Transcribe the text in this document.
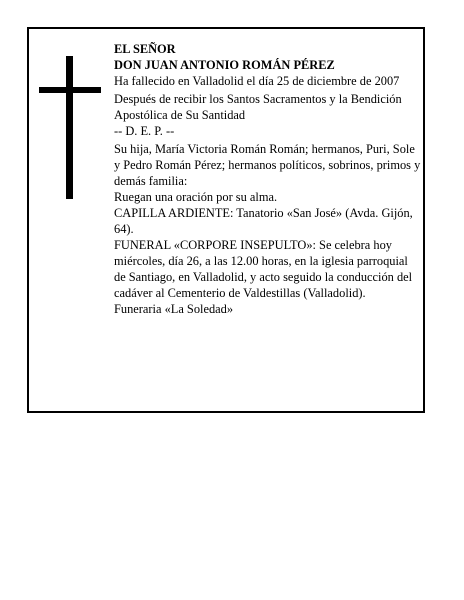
EL SEÑOR

DON JUAN ANTONIO ROMÁN PÉREZ

Ha fallecido en Valladolid el día 25 de diciembre de 2007

Después de recibir los Santos Sacramentos y la Bendición Apostólica de Su Santidad

-- D. E. P. --

Su hija, María Victoria Román Román; hermanos, Puri, Sole y Pedro Román Pérez; hermanos políticos, sobrinos, primos y demás familia:

Ruegan una oración por su alma.

CAPILLA ARDIENTE: Tanatorio «San José» (Avda. Gijón, 64).

FUNERAL «CORPORE INSEPULTO»: Se celebra hoy miércoles, día 26, a las 12.00 horas, en la iglesia parroquial de Santiago, en Valladolid, y acto seguido la conducción del cadáver al Cementerio de Valdestillas (Valladolid).

Funeraria «La Soledad»
